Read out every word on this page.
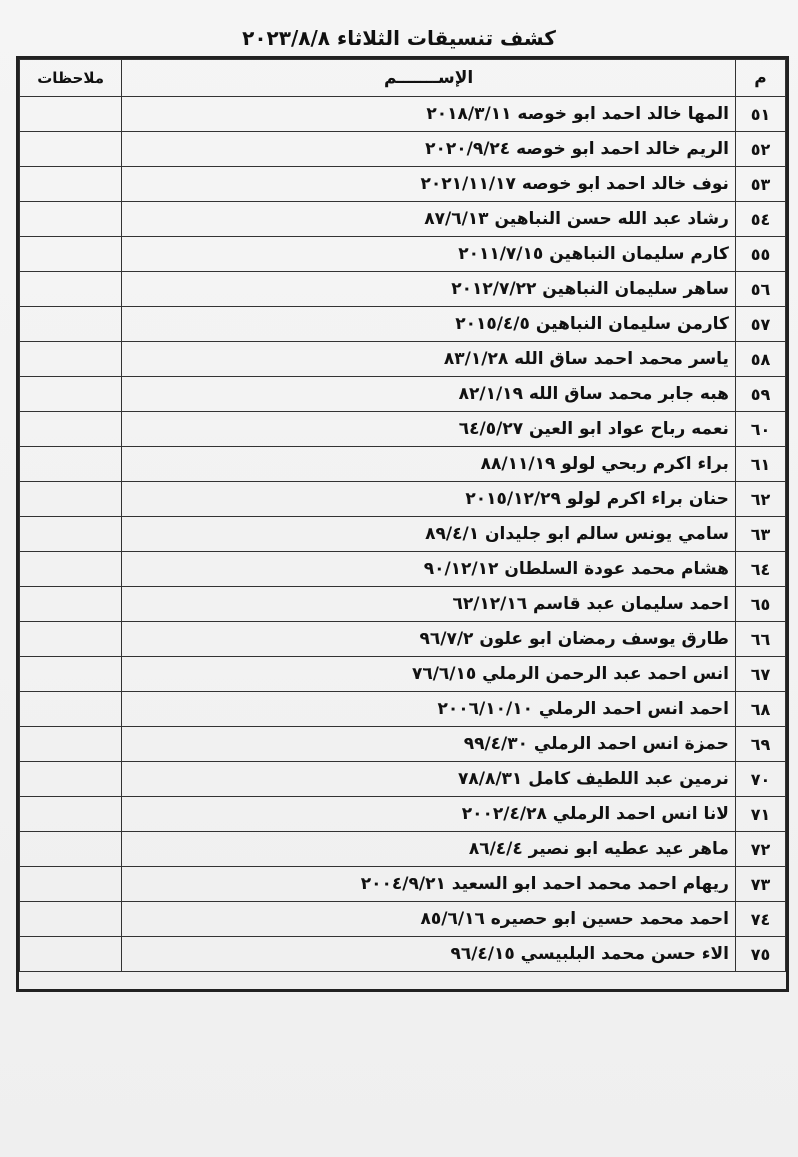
كشف تنسيقات الثلاثاء ٢٠٢٣/٨/٨
م	الإســـــــم	ملاحظات
٥١	المها خالد احمد ابو خوصه ٢٠١٨/٣/١١	
٥٢	الريم خالد احمد ابو خوصه ٢٠٢٠/٩/٢٤	
٥٣	نوف خالد احمد ابو خوصه ٢٠٢١/١١/١٧	
٥٤	رشاد عبد الله حسن النباهين ٨٧/٦/١٣	
٥٥	كارم سليمان النباهين ٢٠١١/٧/١٥	
٥٦	ساهر سليمان النباهين ٢٠١٢/٧/٢٢	
٥٧	كارمن سليمان النباهين ٢٠١٥/٤/٥	
٥٨	ياسر محمد احمد ساق الله ٨٣/١/٢٨	
٥٩	هبه جابر محمد ساق الله ٨٢/١/١٩	
٦٠	نعمه رباح عواد ابو العين ٦٤/٥/٢٧	
٦١	براء اكرم ربحي لولو ٨٨/١١/١٩	
٦٢	حنان براء اكرم لولو ٢٠١٥/١٢/٢٩	
٦٣	سامي يونس سالم ابو جليدان ٨٩/٤/١	
٦٤	هشام محمد عودة السلطان ٩٠/١٢/١٢	
٦٥	احمد سليمان عبد قاسم ٦٢/١٢/١٦	
٦٦	طارق يوسف رمضان ابو علون ٩٦/٧/٢	
٦٧	انس احمد عبد الرحمن الرملي ٧٦/٦/١٥	
٦٨	احمد انس احمد الرملي ٢٠٠٦/١٠/١٠	
٦٩	حمزة انس احمد الرملي ٩٩/٤/٣٠	
٧٠	نرمين عبد اللطيف كامل ٧٨/٨/٣١	
٧١	لانا انس احمد الرملي ٢٠٠٢/٤/٢٨	
٧٢	ماهر عيد عطيه ابو نصير ٨٦/٤/٤	
٧٣	ريهام احمد محمد احمد ابو السعيد ٢٠٠٤/٩/٢١	
٧٤	احمد محمد حسين ابو حصيره ٨٥/٦/١٦	
٧٥	الاء حسن محمد البلبيسي ٩٦/٤/١٥	
